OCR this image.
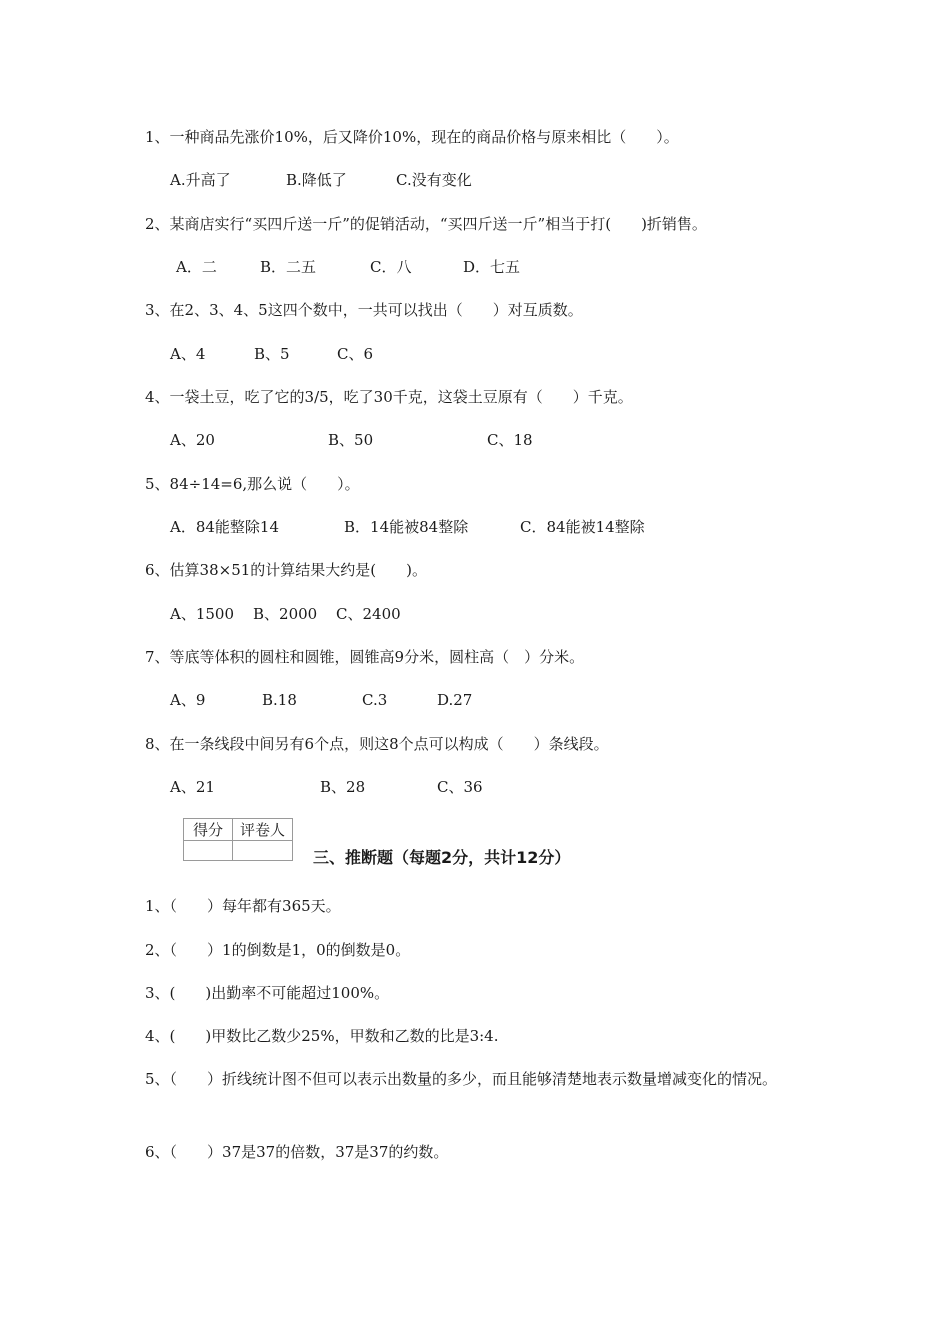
1、一种商品先涨价10%，后又降价10%，现在的商品价格与原来相比（　　）。
A.升高了	B.降低了	C.没有变化
2、某商店实行“买四斤送一斤”的促销活动，“买四斤送一斤”相当于打(　　)折销售。
A．二	B．二五	C．八	D．七五
3、在2、3、4、5这四个数中，一共可以找出（　　）对互质数。
A、4	B、5	C、6
4、一袋土豆，吃了它的3/5，吃了30千克，这袋土豆原有（　　）千克。
A、20	B、50	C、18
5、84÷14=6,那么说（　　）。
A．84能整除14	B．14能被84整除	C．84能被14整除
6、估算38×51的计算结果大约是(　　)。
A、1500 B、2000 C、2400
7、等底等体积的圆柱和圆锥，圆锥高9分米，圆柱高（　）分米。
A、9	B.18	C.3	D.27
8、在一条线段中间另有6个点，则这8个点可以构成（　　）条线段。
A、21	B、28	C、36
得分	评卷人

三、推断题（每题2分，共计12分）
1、（　　）每年都有365天。
2、（　　）1的倒数是1，0的倒数是0。
3、(　　)出勤率不可能超过100%。
4、(　　)甲数比乙数少25%，甲数和乙数的比是3:4.
5、（　　）折线统计图不但可以表示出数量的多少，而且能够清楚地表示数量增减变化的情况。
6、（　　）37是37的倍数，37是37的约数。
